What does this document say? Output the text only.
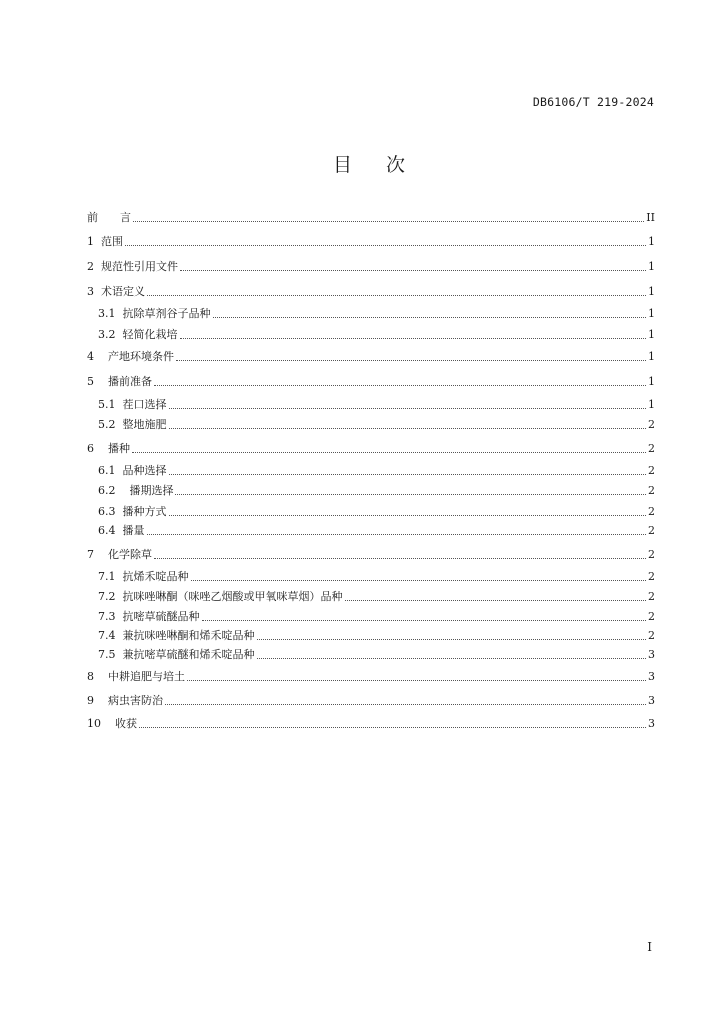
DB6106/T 219-2024
目 次
前　　言	II
1  范围	1
2  规范性引用文件	1
3  术语定义	1
3.1  抗除草剂谷子品种	1
3.2  轻简化栽培	1
4    产地环境条件	1
5    播前准备	1
5.1  茬口选择	1
5.2  整地施肥	2
6    播种	2
6.1  品种选择	2
6.2    播期选择	2
6.3  播种方式	2
6.4  播量	2
7    化学除草	2
7.1  抗烯禾啶品种	2
7.2  抗咪唑啉酮（咪唑乙烟酸或甲氧咪草烟）品种	2
7.3  抗嘧草硫醚品种	2
7.4  兼抗咪唑啉酮和烯禾啶品种	2
7.5  兼抗嘧草硫醚和烯禾啶品种	3
8    中耕追肥与培土	3
9    病虫害防治	3
10    收获	3
I
